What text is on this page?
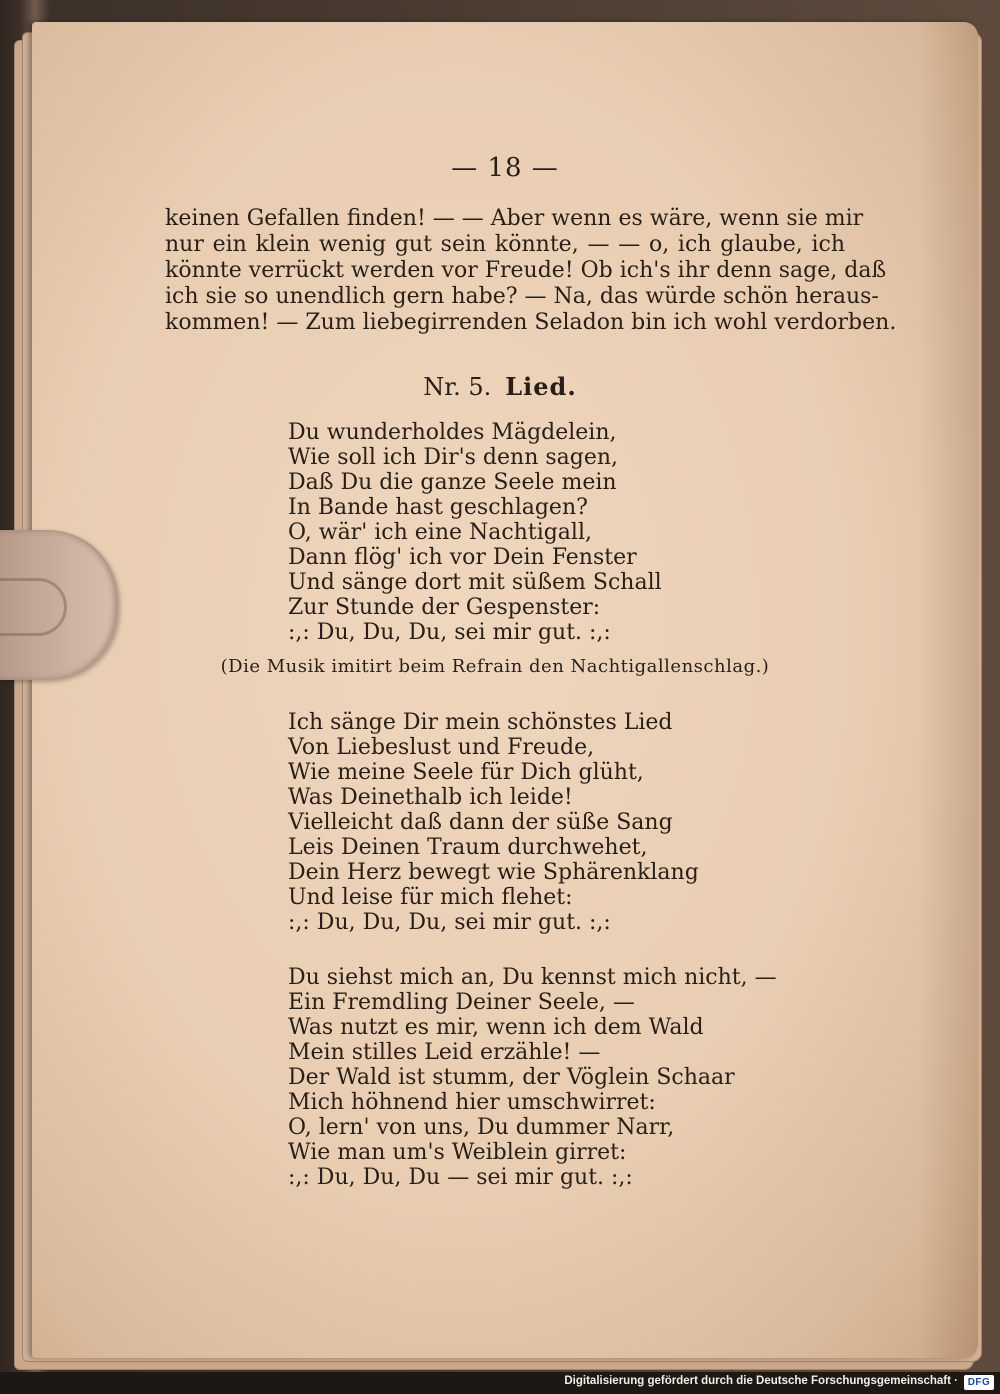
— 18 —
keinen Gefallen finden! — — Aber wenn es wäre, wenn sie mir
nur ein klein wenig gut sein könnte, — — o, ich glaube, ich
könnte verrückt werden vor Freude! Ob ich's ihr denn sage, daß
ich sie so unendlich gern habe? — Na, das würde schön heraus-
kommen! — Zum liebegirrenden Seladon bin ich wohl verdorben.
Nr. 5. Lied.
Du wunderholdes Mägdelein,
Wie soll ich Dir's denn sagen,
Daß Du die ganze Seele mein
In Bande hast geschlagen?
O, wär' ich eine Nachtigall,
Dann flög' ich vor Dein Fenster
Und sänge dort mit süßem Schall
Zur Stunde der Gespenster:
:,: Du, Du, Du, sei mir gut. :,:
(Die Musik imitirt beim Refrain den Nachtigallenschlag.)
Ich sänge Dir mein schönstes Lied
Von Liebeslust und Freude,
Wie meine Seele für Dich glüht,
Was Deinethalb ich leide!
Vielleicht daß dann der süße Sang
Leis Deinen Traum durchwehet,
Dein Herz bewegt wie Sphärenklang
Und leise für mich flehet:
:,: Du, Du, Du, sei mir gut. :,:
Du siehst mich an, Du kennst mich nicht, —
Ein Fremdling Deiner Seele, —
Was nutzt es mir, wenn ich dem Wald
Mein stilles Leid erzähle! —
Der Wald ist stumm, der Vöglein Schaar
Mich höhnend hier umschwirret:
O, lern' von uns, Du dummer Narr,
Wie man um's Weiblein girret:
:,: Du, Du, Du — sei mir gut. :,:
Digitalisierung gefördert durch die Deutsche Forschungsgemeinschaft · DFG
